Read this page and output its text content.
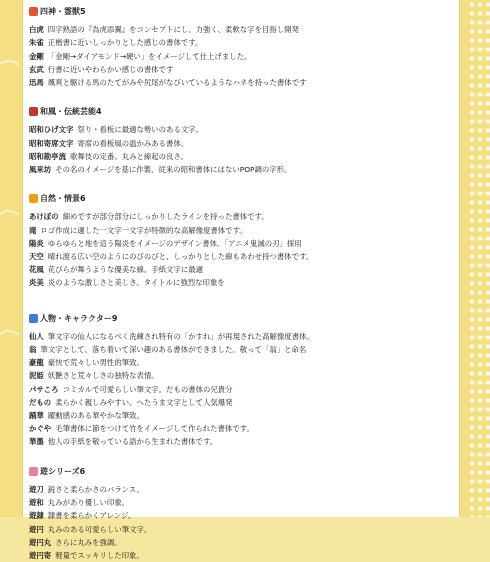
四神・霊獣5
白虎 四字熟語の『為虎添翼』をコンセプトにし、力強く、柔軟な字を目指し開発
朱雀 正楷書に近いしっかりとした感じの書体です。
金剛 「金剛→ダイアモンド→硬い」をイメージして仕上げました。
玄武 行書に近いやわらかい感じの書体です
迅馬 颯爽と駆ける馬のたてがみや尻尾がなびいているようなハネを持った書体です
和風・伝統芸能4
昭和ひげ文字 祭り・看板に最適な勢いのある文字。
昭和寄席文字 寄席の看板風の温かみある書体。
昭和勘亭流 歌舞伎の定番。丸みと線起の良さ。
風来坊 その名のイメージを基に作製、従来の昭和書体にはないPOP調の字形。
自然・情景6
あけぼの 細めですが部分部分にしっかりしたラインを持った書体です。
滝 ロゴ作成に適した一文字一文字が特徴的な高解像度書体です。
陽炎 ゆらゆらと地を這う陽炎をイメージのデザイン書体。「アニメ鬼滅の刃」採用
天空 晴れ渡る広い空のようにのびのびと、しっかりとした線もあわせ持つ書体です。
花風 花びらが舞うような優美な線。手紙文字に最適
炎美 炎のような激しさと美しさ。タイトルに強烈な印象を
人物・キャラクター9
仙人 筆文字の仙人になるべく洗練され特有の「かすれ」が再現された高解像度書体。
翁 筆文字として、落ち着いて深い趣のある書体ができました。敬って「翁」と命名
豪龍 豪快で荒々しい男性的筆致。
泥姫 妖艶さと荒々しさの独特な表情。
パサころ コミカルで可愛らしい筆文字。だもの書体の兄貴分
だもの 柔らかく親しみやすい。へたうま文字として人気爆発
踊華 躍動感のある華やかな筆致。
かぐや 毛筆書体に節をつけて竹をイメージして作られた書体です。
華墨 他人の手紙を敬っている語から生まれた書体です。
遊シリーズ6
遊刀 鋭さと柔らかさのバランス。
遊和 丸みがあり優しい印象。
遊隷 隷書を柔らかくアレンジ。
遊円 丸みのある可愛らしい筆文字。
遊円丸 さらに丸みを強調。
遊円寄 軽量でスッキリした印象。
